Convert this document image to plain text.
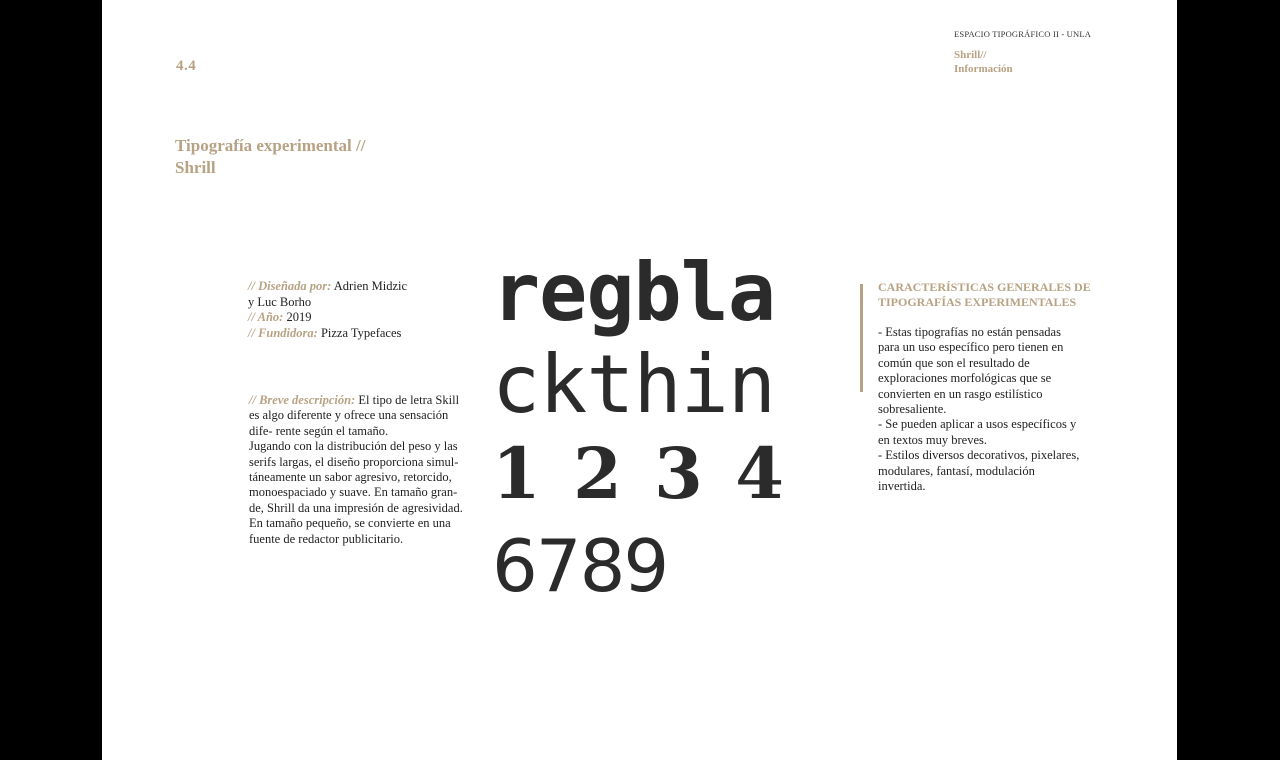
4.4
ESPACIO TIPOGRÁFICO II - UNLA
Shrill//
Información
Tipografía experimental //
Shrill
// Diseñada por: Adrien Midzic
y Luc Borho
// Año: 2019
// Fundidora: Pizza Typefaces
// Breve descripción: El tipo de letra Skill
es algo diferente y ofrece una sensación
dife- rente según el tamaño.
Jugando con la distribución del peso y las
serifs largas, el diseño proporciona simul-
táneamente un sabor agresivo, retorcido,
monoespaciado y suave. En tamaño gran-
de, Shrill da una impresión de agresividad.
En tamaño pequeño, se convierte en una
fuente de redactor publicitario.
regbla
ckthin
1 2 3 4
6789
CARACTERÍSTICAS GENERALES DE
TIPOGRAFÍAS EXPERIMENTALES
- Estas tipografías no están pensadas
para un uso específico pero tienen en
común que son el resultado de
exploraciones morfológicas que se
convierten en un rasgo estilístico
sobresaliente.
- Se pueden aplicar a usos específicos y
en textos muy breves.
- Estilos diversos decorativos, pixelares,
modulares, fantasí, modulación
invertida.
